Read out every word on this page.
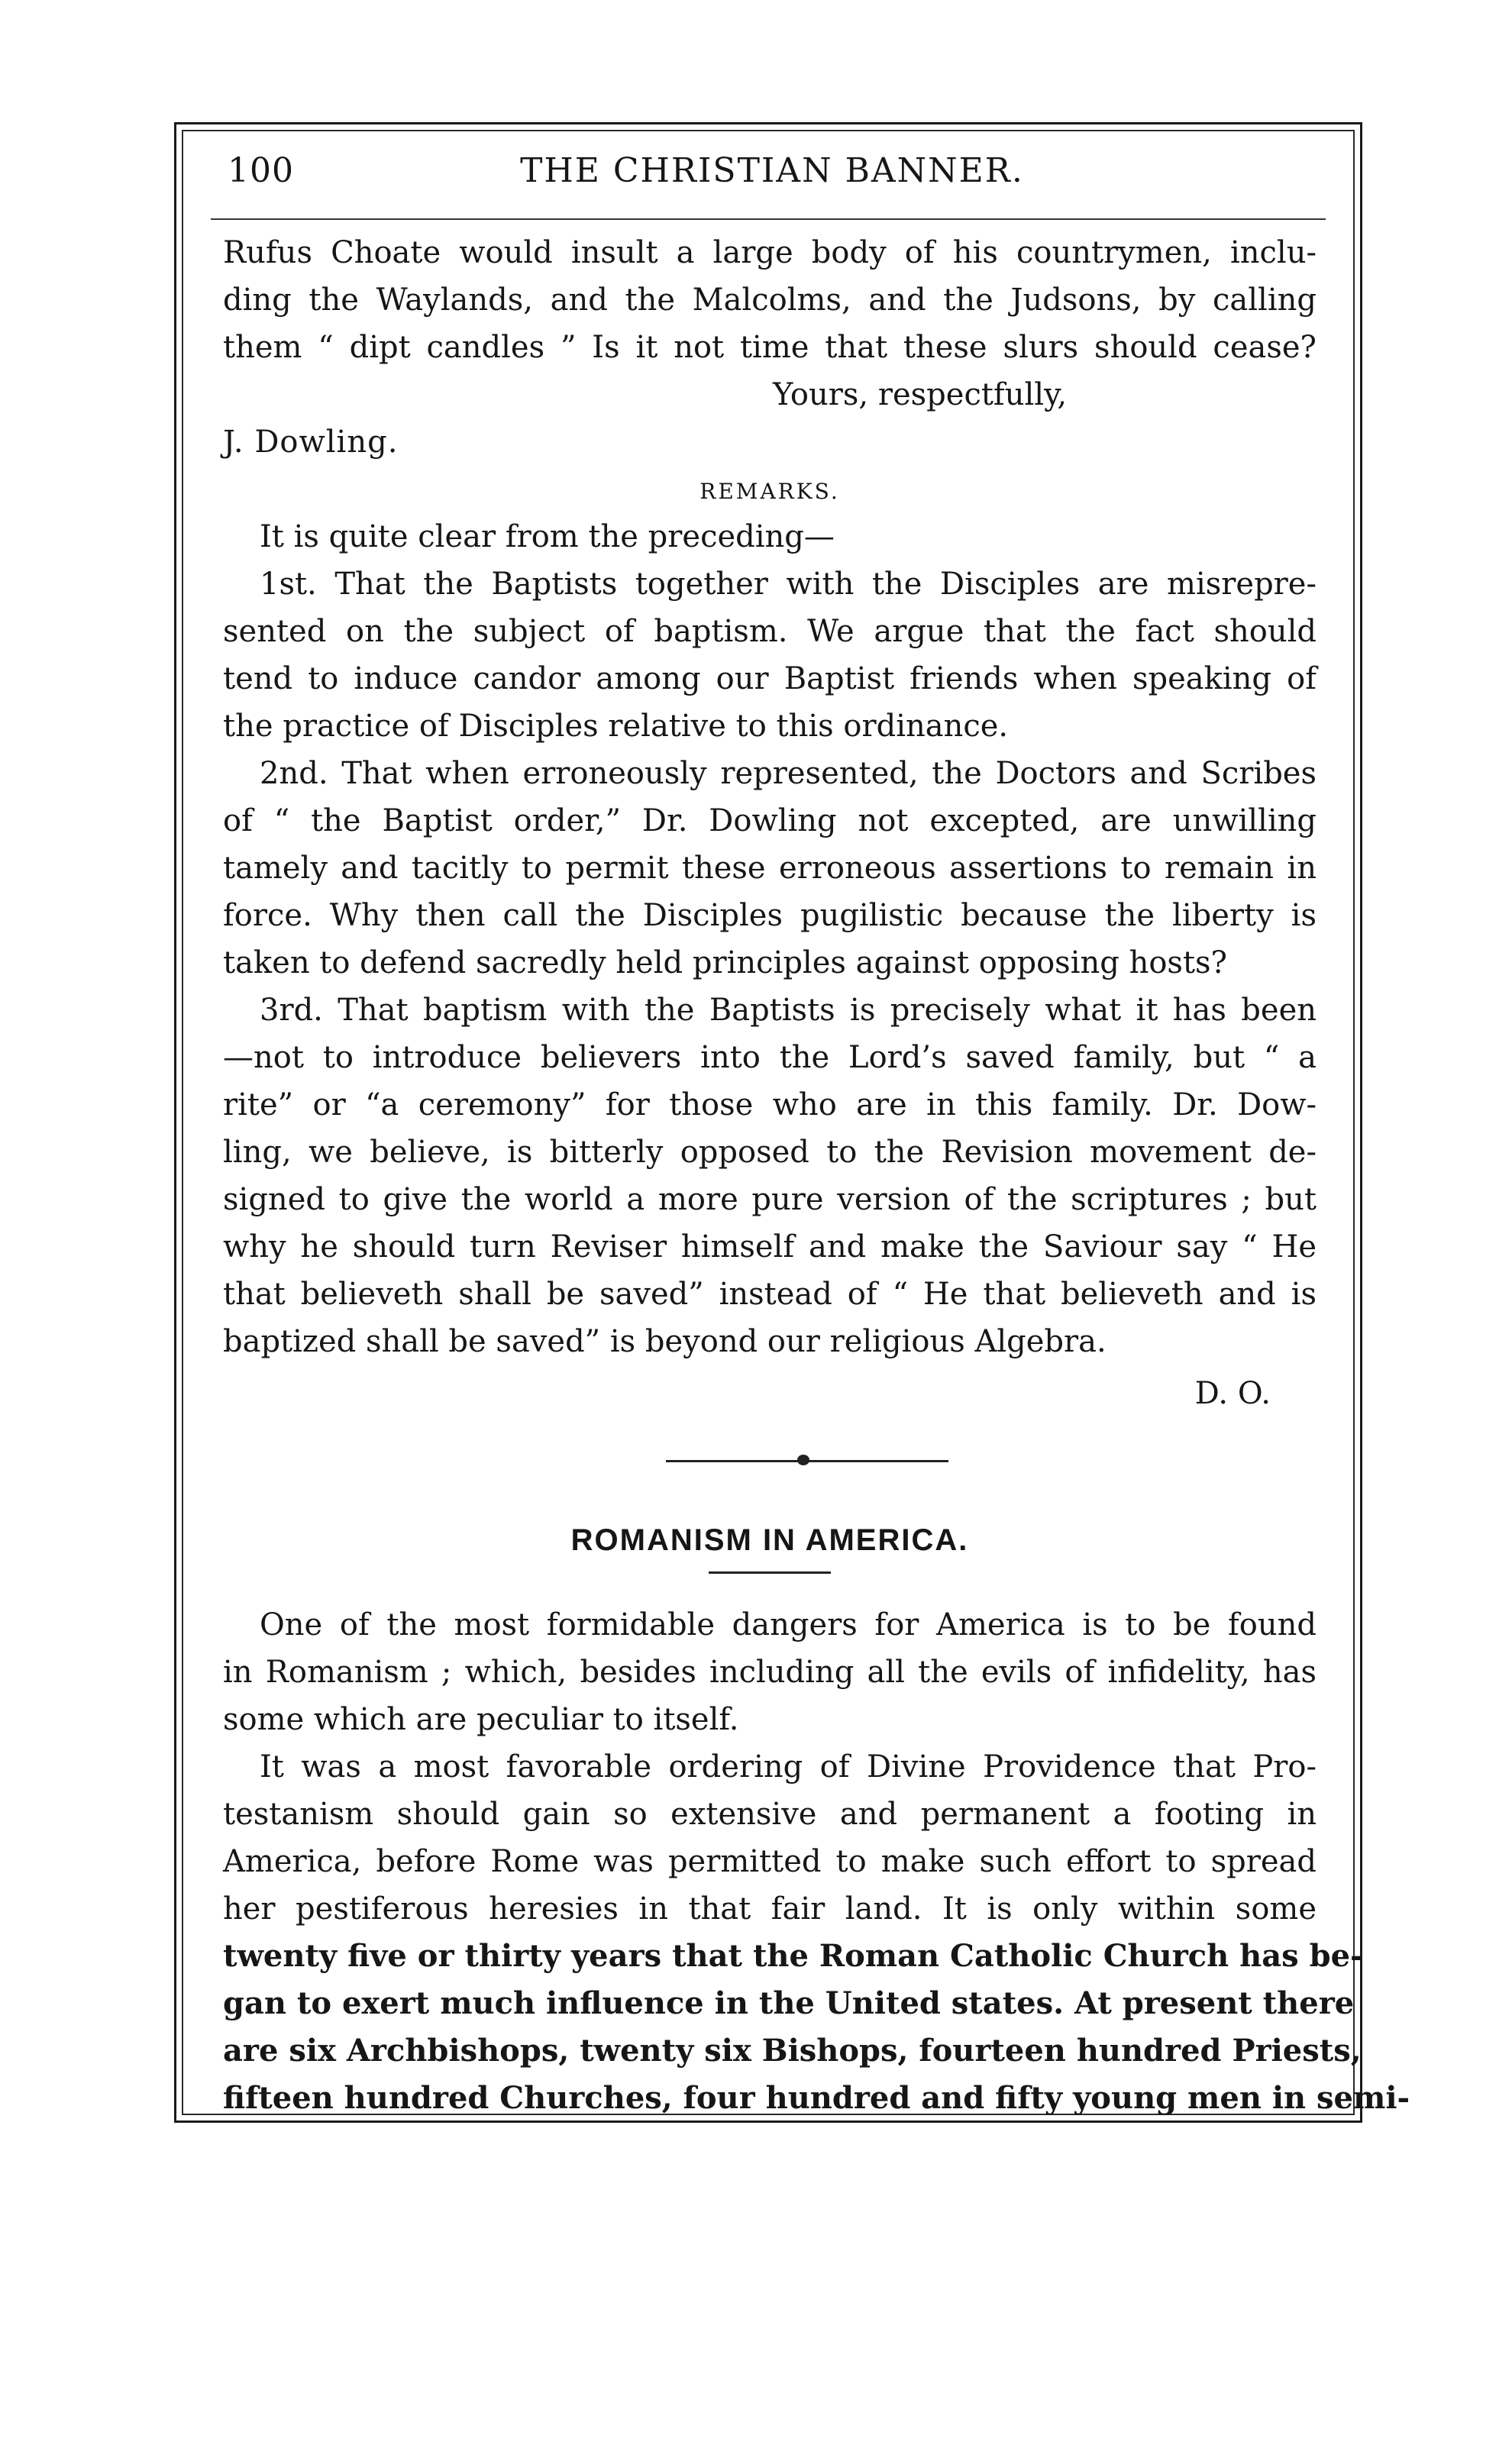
100	THE CHRISTIAN BANNER.
Rufus Choate would insult a large body of his countrymen, inclu-
ding the Waylands, and the Malcolms, and the Judsons, by calling
them “ dipt candles ” Is it not time that these slurs should cease?
Yours, respectfully,
J. Dowling.
REMARKS.
It is quite clear from the preceding—
1st. That the Baptists together with the Disciples are misrepre-
sented on the subject of baptism. We argue that the fact should
tend to induce candor among our Baptist friends when speaking of
the practice of Disciples relative to this ordinance.
2nd. That when erroneously represented, the Doctors and Scribes
of “ the Baptist order,” Dr. Dowling not excepted, are unwilling
tamely and tacitly to permit these erroneous assertions to remain in
force. Why then call the Disciples pugilistic because the liberty is
taken to defend sacredly held principles against opposing hosts?
3rd. That baptism with the Baptists is precisely what it has been
—not to introduce believers into the Lord’s saved family, but “ a
rite” or “a ceremony” for those who are in this family. Dr. Dow-
ling, we believe, is bitterly opposed to the Revision movement de-
signed to give the world a more pure version of the scriptures ; but
why he should turn Reviser himself and make the Saviour say “ He
that believeth shall be saved” instead of “ He that believeth and is
baptized shall be saved” is beyond our religious Algebra.
D. O.
ROMANISM IN AMERICA.
One of the most formidable dangers for America is to be found
in Romanism ; which, besides including all the evils of infidelity, has
some which are peculiar to itself.
It was a most favorable ordering of Divine Providence that Pro-
testanism should gain so extensive and permanent a footing in
America, before Rome was permitted to make such effort to spread
her pestiferous heresies in that fair land. It is only within some
twenty five or thirty years that the Roman Catholic Church has be-
gan to exert much influence in the United states. At present there
are six Archbishops, twenty six Bishops, fourteen hundred Priests,
fifteen hundred Churches, four hundred and fifty young men in semi-
